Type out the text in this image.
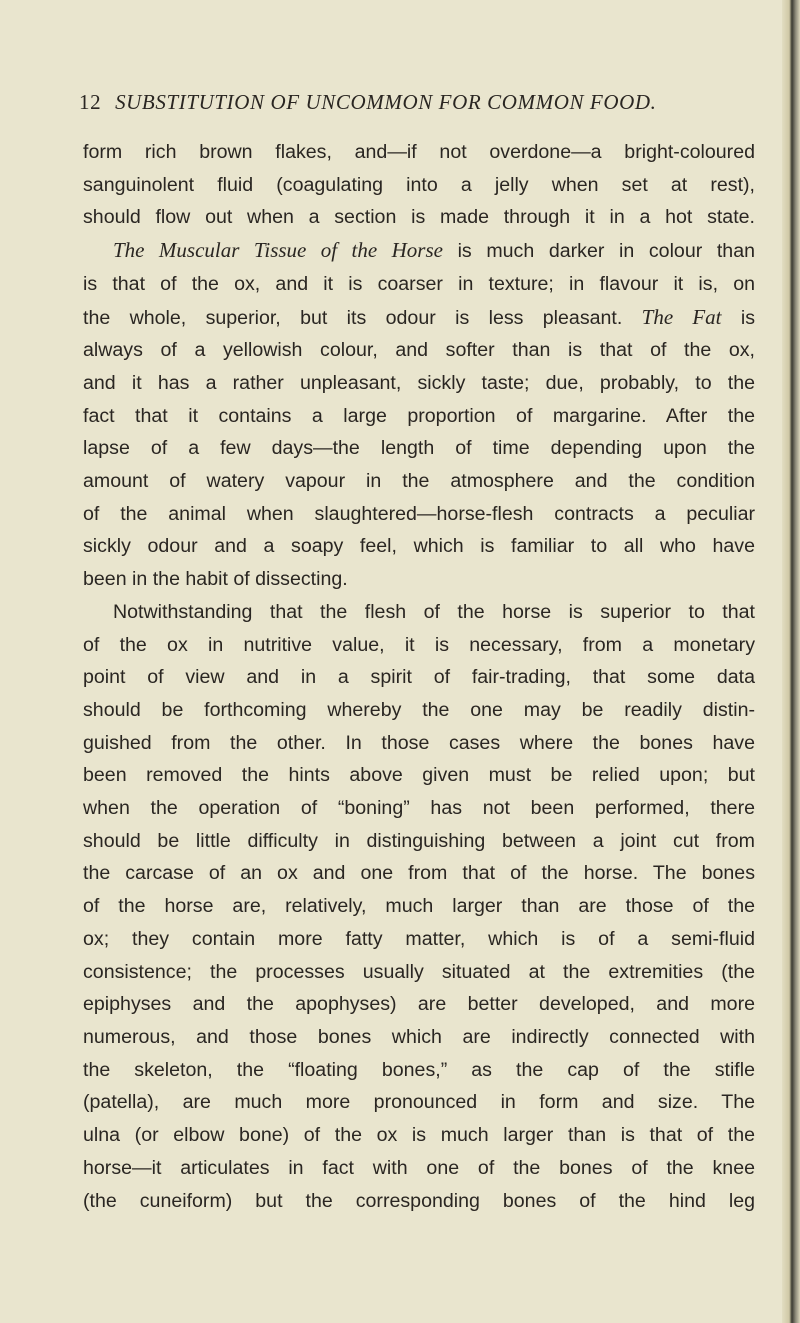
12 SUBSTITUTION OF UNCOMMON FOR COMMON FOOD.
form rich brown flakes, and—if not overdone—a bright-coloured
sanguinolent fluid (coagulating into a jelly when set at rest),
should flow out when a section is made through it in a hot state.
The Muscular Tissue of the Horse is much darker in colour than
is that of the ox, and it is coarser in texture; in flavour it is, on
the whole, superior, but its odour is less pleasant. The Fat is
always of a yellowish colour, and softer than is that of the ox,
and it has a rather unpleasant, sickly taste; due, probably, to the
fact that it contains a large proportion of margarine. After the
lapse of a few days—the length of time depending upon the
amount of watery vapour in the atmosphere and the condition
of the animal when slaughtered—horse-flesh contracts a peculiar
sickly odour and a soapy feel, which is familiar to all who have
been in the habit of dissecting.
Notwithstanding that the flesh of the horse is superior to that
of the ox in nutritive value, it is necessary, from a monetary
point of view and in a spirit of fair-trading, that some data
should be forthcoming whereby the one may be readily distin-
guished from the other. In those cases where the bones have
been removed the hints above given must be relied upon; but
when the operation of “boning” has not been performed, there
should be little difficulty in distinguishing between a joint cut from
the carcase of an ox and one from that of the horse. The bones
of the horse are, relatively, much larger than are those of the
ox; they contain more fatty matter, which is of a semi-fluid
consistence; the processes usually situated at the extremities (the
epiphyses and the apophyses) are better developed, and more
numerous, and those bones which are indirectly connected with
the skeleton, the “floating bones,” as the cap of the stifle
(patella), are much more pronounced in form and size. The
ulna (or elbow bone) of the ox is much larger than is that of the
horse—it articulates in fact with one of the bones of the knee
(the cuneiform) but the corresponding bones of the hind leg
